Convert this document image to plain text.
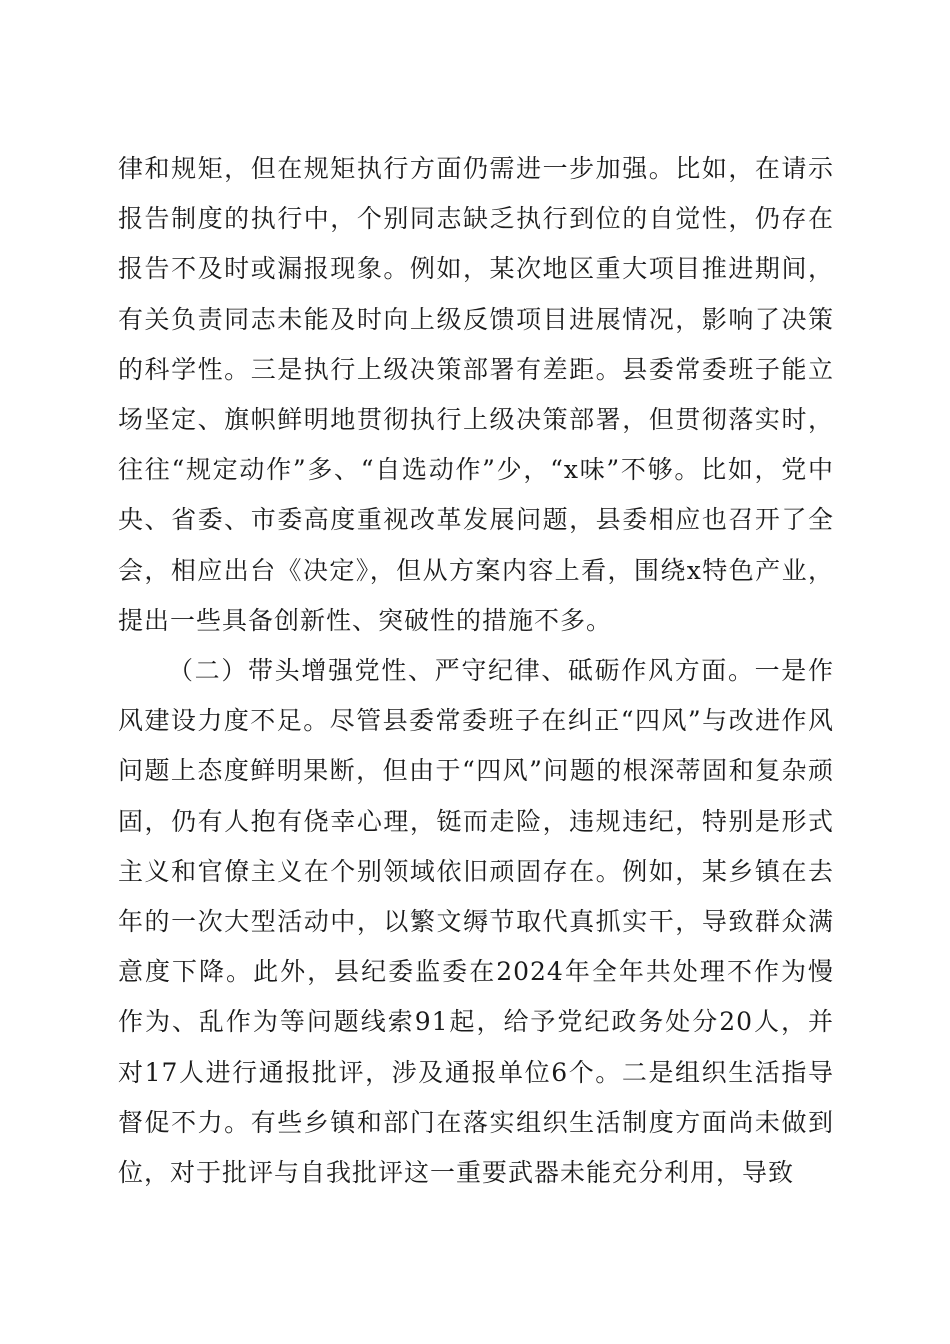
律和规矩，但在规矩执行方面仍需进一步加强。比如，在请示报告制度的执行中，个别同志缺乏执行到位的自觉性，仍存在报告不及时或漏报现象。例如，某次地区重大项目推进期间，有关负责同志未能及时向上级反馈项目进展情况，影响了决策的科学性。三是执行上级决策部署有差距。县委常委班子能立场坚定、旗帜鲜明地贯彻执行上级决策部署，但贯彻落实时，往往“规定动作”多、“自选动作”少，“x味”不够。比如，党中央、省委、市委高度重视改革发展问题，县委相应也召开了全会，相应出台《决定》，但从方案内容上看，围绕x特色产业，提出一些具备创新性、突破性的措施不多。

（二）带头增强党性、严守纪律、砥砺作风方面。一是作风建设力度不足。尽管县委常委班子在纠正“四风”与改进作风问题上态度鲜明果断，但由于“四风”问题的根深蒂固和复杂顽固，仍有人抱有侥幸心理，铤而走险，违规违纪，特别是形式主义和官僚主义在个别领域依旧顽固存在。例如，某乡镇在去年的一次大型活动中，以繁文缛节取代真抓实干，导致群众满意度下降。此外，县纪委监委在2024年全年共处理不作为慢作为、乱作为等问题线索91起，给予党纪政务处分20人，并对17人进行通报批评，涉及通报单位6个。二是组织生活指导督促不力。有些乡镇和部门在落实组织生活制度方面尚未做到位，对于批评与自我批评这一重要武器未能充分利用，导致
